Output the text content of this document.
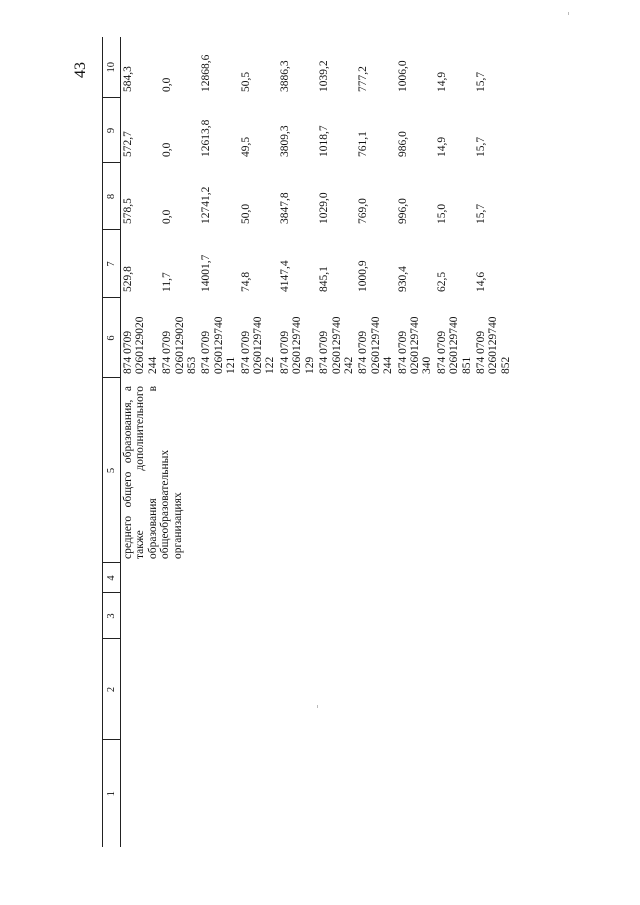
43
1	2	3	4	5	6	7	8	9	10
				среднего общего образования, а также дополнительного образования в общеобразовательных организациях	874 0709 0260129020 244	529,8	578,5	572,7	584,3
					874 0709 0260129020 853	11,7	0,0	0,0	0,0
					874 0709 0260129740 121	14001,7	12741,2	12613,8	12868,6
					874 0709 0260129740 122	74,8	50,0	49,5	50,5
					874 0709 0260129740 129	4147,4	3847,8	3809,3	3886,3
					874 0709 0260129740 242	845,1	1029,0	1018,7	1039,2
					874 0709 0260129740 244	1000,9	769,0	761,1	777,2
					874 0709 0260129740 340	930,4	996,0	986,0	1006,0
					874 0709 0260129740 851	62,5	15,0	14,9	14,9
					874 0709 0260129740 852	14,6	15,7	15,7	15,7
